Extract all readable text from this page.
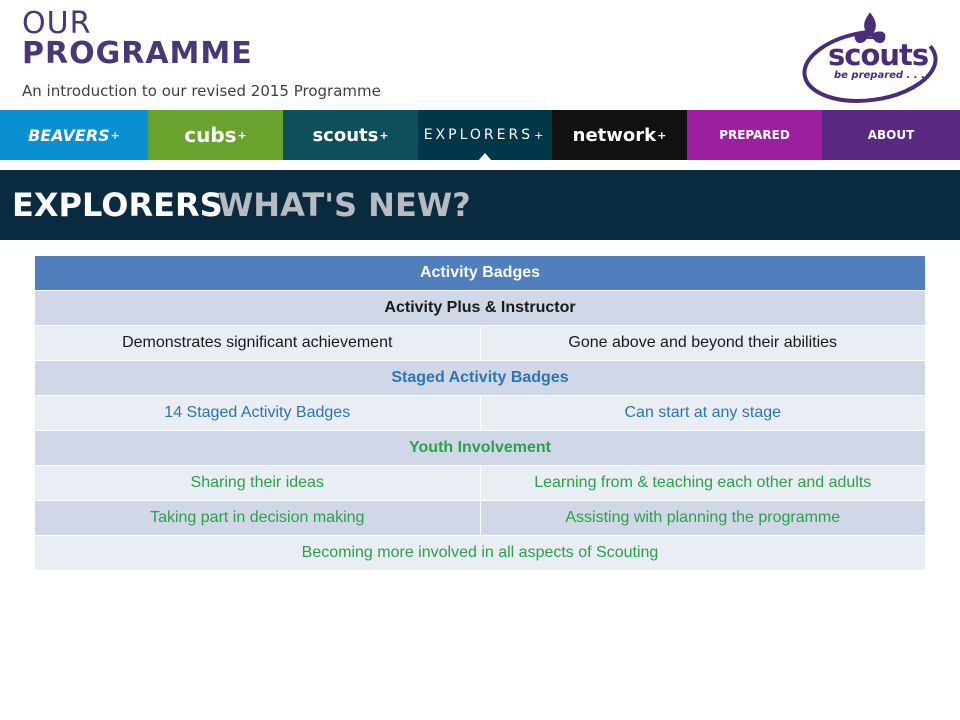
OUR
PROGRAMME
An introduction to our revised 2015 Programme
scouts
be prepared . . .
BEAVERS +	cubs +	scouts +	EXPLORERS + network +	PREPARED	ABOUT
EXPLORERS
WHAT'S NEW?
Activity Badges	
Activity Plus & Instructor	
Demonstrates significant achievement	Gone above and beyond their abilities
Staged Activity Badges	
14 Staged Activity Badges	Can start at any stage
Youth Involvement	
Sharing their ideas	Learning from & teaching each other and adults
Taking part in decision making	Assisting with planning the programme
Becoming more involved in all aspects of Scouting	
